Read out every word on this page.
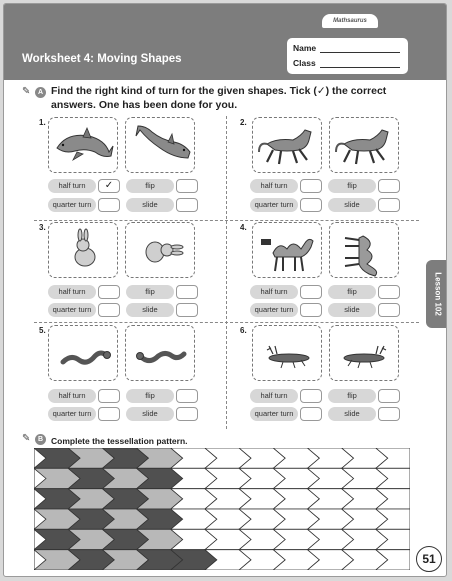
Mathsaurus
Worksheet 4: Moving Shapes
Name
Class
✎	A Find the right kind of turn for the given shapes. Tick (✓) the correct answers. One has been done for you.
1.
half turn	✓	flip
quarter turn	slide
2.
half turn	flip
quarter turn	slide
3.
half turn	flip
quarter turn	slide
4.
half turn	flip
quarter turn	slide
5.
half turn	flip
quarter turn	slide
6.
half turn	flip
quarter turn	slide
Lesson 102
✎	B Complete the tessellation pattern.
51
